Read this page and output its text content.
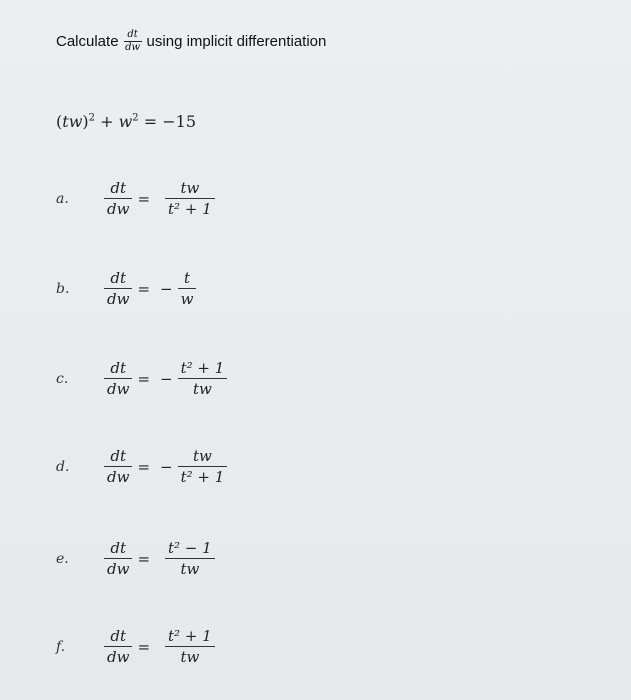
Calculate $\frac{dt}{dw}$ using implicit differentiation
$(tw)^2 + w^2 = -15$
a.	$\frac{dt}{dw} = \frac{tw}{\text{t² + 1}}$
b.	$\frac{dt}{dw}$ = − $\frac{t}{w}$
c.	$\frac{dt}{dw}$ = − $\frac{\text{t² + 1}}{tw}$
d.	$\frac{dt}{dw}$ = − $\frac{tw}{\text{t² + 1}}$
e.	$\frac{dt}{dw} = \frac{\text{t² − 1}}{tw}$
f.	$\frac{dt}{dw} = \frac{\text{t² + 1}}{tw}$
